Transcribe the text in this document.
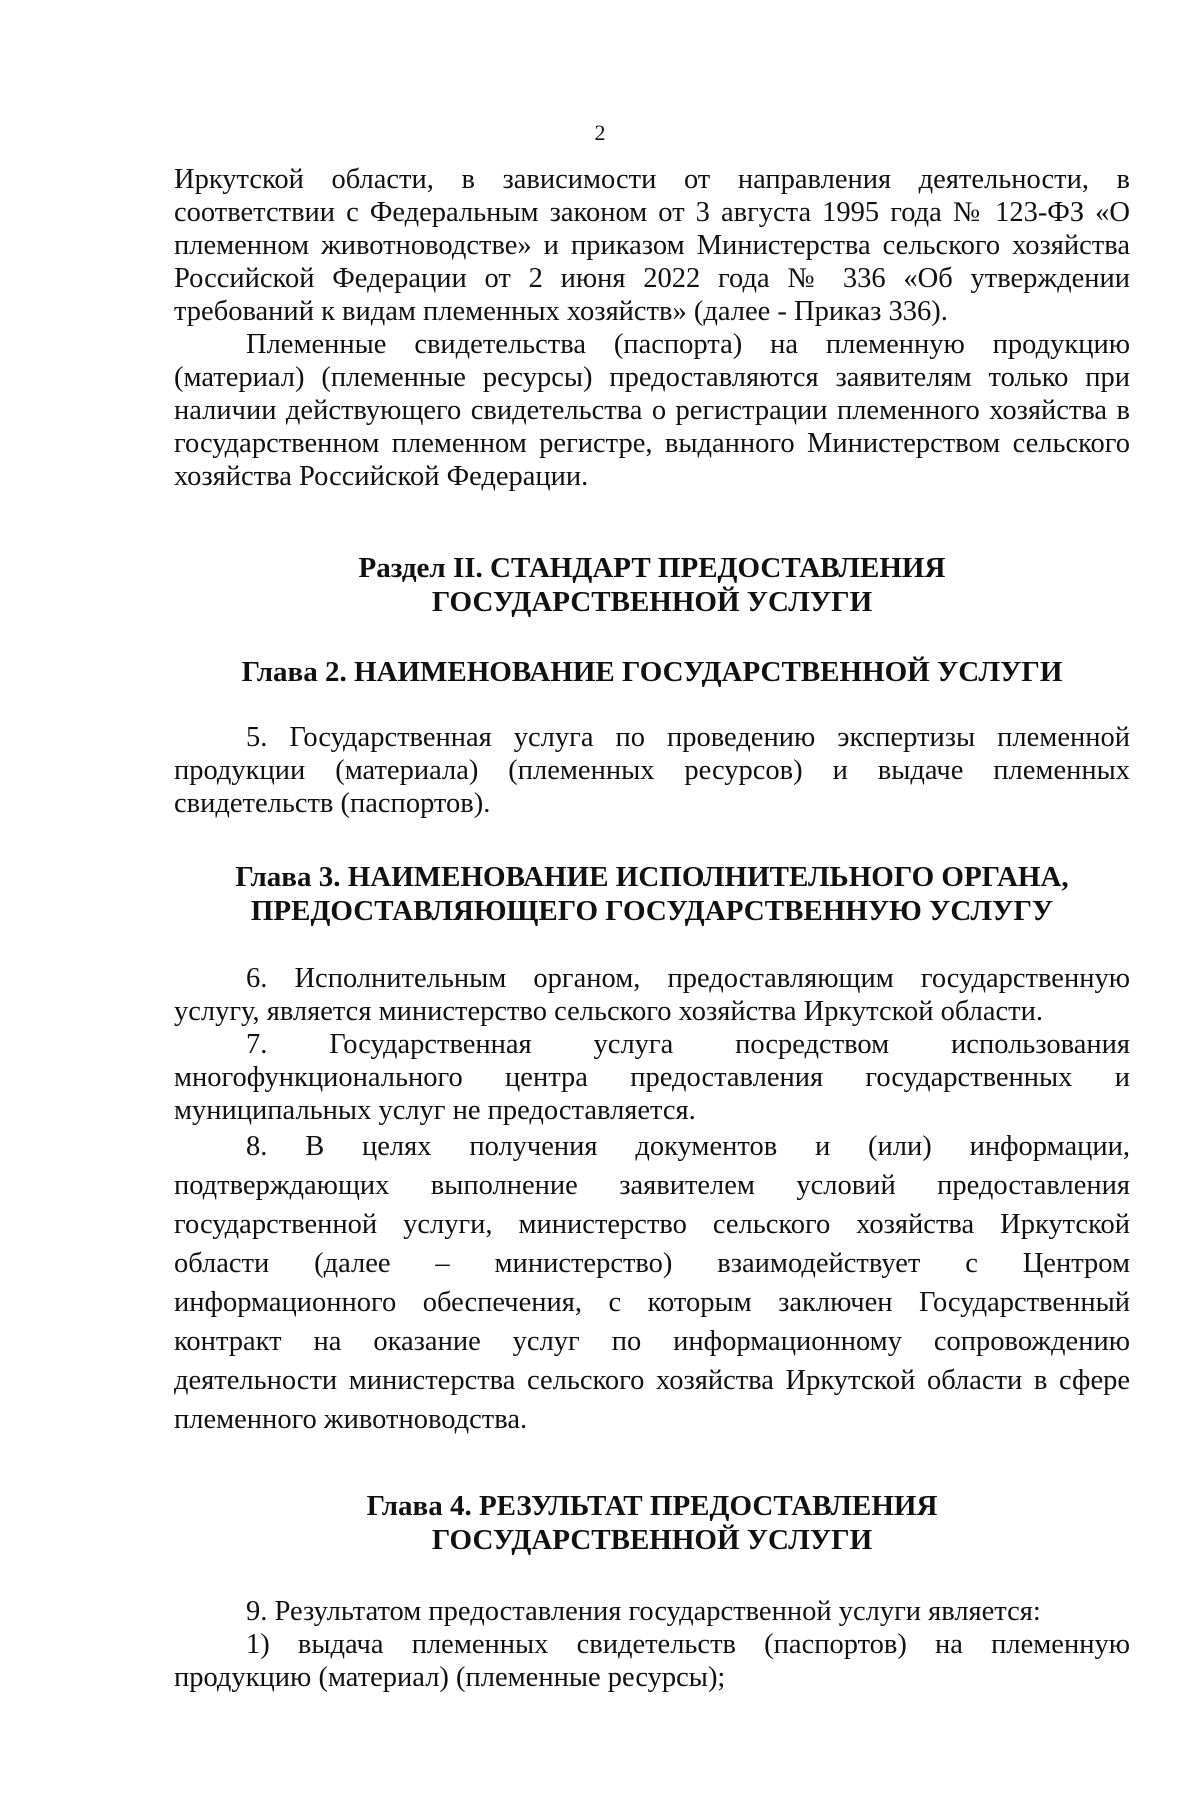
2

Иркутской области, в зависимости от направления деятельности, в соответствии с Федеральным законом от 3 августа 1995 года № 123-ФЗ «О племенном животноводстве» и приказом Министерства сельского хозяйства Российской Федерации от 2 июня 2022 года № 336 «Об утверждении требований к видам племенных хозяйств» (далее - Приказ 336).

Племенные свидетельства (паспорта) на племенную продукцию (материал) (племенные ресурсы) предоставляются заявителям только при наличии действующего свидетельства о регистрации племенного хозяйства в государственном племенном регистре, выданного Министерством сельского хозяйства Российской Федерации.

Раздел II. СТАНДАРТ ПРЕДОСТАВЛЕНИЯ
ГОСУДАРСТВЕННОЙ УСЛУГИ
Глава 2. НАИМЕНОВАНИЕ ГОСУДАРСТВЕННОЙ УСЛУГИ

5. Государственная услуга по проведению экспертизы племенной продукции (материала) (племенных ресурсов) и выдаче племенных свидетельств (паспортов).

Глава 3. НАИМЕНОВАНИЕ ИСПОЛНИТЕЛЬНОГО ОРГАНА,
ПРЕДОСТАВЛЯЮЩЕГО ГОСУДАРСТВЕННУЮ УСЛУГУ

6. Исполнительным органом, предоставляющим государственную услугу, является министерство сельского хозяйства Иркутской области.

7. Государственная услуга посредством использования многофункционального центра предоставления государственных и муниципальных услуг не предоставляется.

8. В целях получения документов и (или) информации, подтверждающих выполнение заявителем условий предоставления государственной услуги, министерство сельского хозяйства Иркутской области (далее – министерство) взаимодействует с Центром информационного обеспечения, с которым заключен Государственный контракт на оказание услуг по информационному сопровождению деятельности министерства сельского хозяйства Иркутской области в сфере племенного животноводства.

Глава 4. РЕЗУЛЬТАТ ПРЕДОСТАВЛЕНИЯ
ГОСУДАРСТВЕННОЙ УСЛУГИ

9. Результатом предоставления государственной услуги является:

1) выдача племенных свидетельств (паспортов) на племенную продукцию (материал) (племенные ресурсы);
